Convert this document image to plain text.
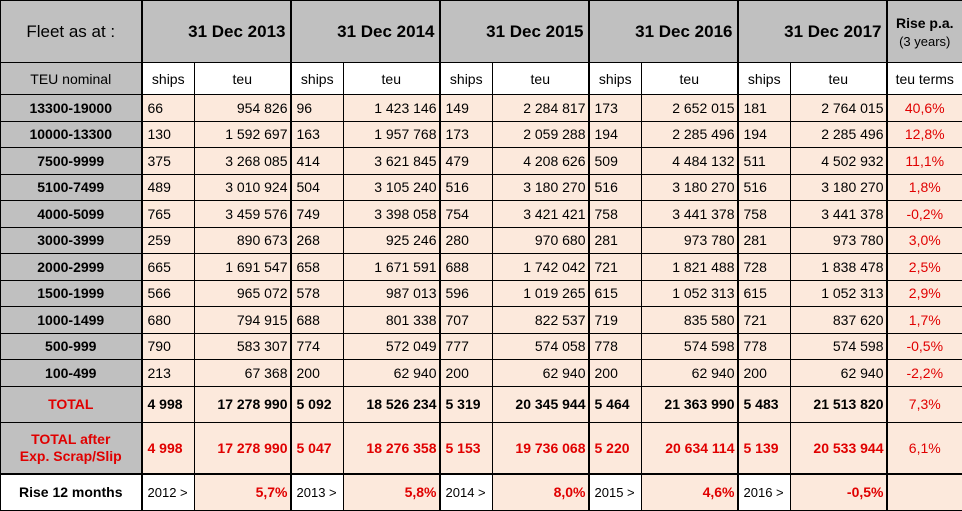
Fleet as at :	31 Dec 2013		31 Dec 2014		31 Dec 2015		31 Dec 2016		31 Dec 2017		Rise p.a.
(3 years)

TEU nominal	ships	teu	ships	teu	ships	teu	ships	teu	ships	teu	teu terms
13300-19000	66	954 826	96	1 423 146	149	2 284 817	173	2 652 015	181	2 764 015	40,6%
10000-13300	130	1 592 697	163	1 957 768	173	2 059 288	194	2 285 496	194	2 285 496	12,8%
7500-9999	375	3 268 085	414	3 621 845	479	4 208 626	509	4 484 132	511	4 502 932	11,1%
5100-7499	489	3 010 924	504	3 105 240	516	3 180 270	516	3 180 270	516	3 180 270	1,8%
4000-5099	765	3 459 576	749	3 398 058	754	3 421 421	758	3 441 378	758	3 441 378	-0,2%
3000-3999	259	890 673	268	925 246	280	970 680	281	973 780	281	973 780	3,0%
2000-2999	665	1 691 547	658	1 671 591	688	1 742 042	721	1 821 488	728	1 838 478	2,5%
1500-1999	566	965 072	578	987 013	596	1 019 265	615	1 052 313	615	1 052 313	2,9%
1000-1499	680	794 915	688	801 338	707	822 537	719	835 580	721	837 620	1,7%
500-999	790	583 307	774	572 049	777	574 058	778	574 598	778	574 598	-0,5%
100-499	213	67 368	200	62 940	200	62 940	200	62 940	200	62 940	-2,2%
TOTAL	4 998	17 278 990	5 092	18 526 234	5 319	20 345 944	5 464	21 363 990	5 483	21 513 820	7,3%
TOTAL after
Exp. Scrap/Slip	4 998	17 278 990	5 047	18 276 358	5 153	19 736 068	5 220	20 634 114	5 139	20 533 944	6,1%
Rise 12 months	2012 >	5,7%	2013 >	5,8%	2014 >	8,0%	2015 >	4,6%	2016 >	-0,5%	
